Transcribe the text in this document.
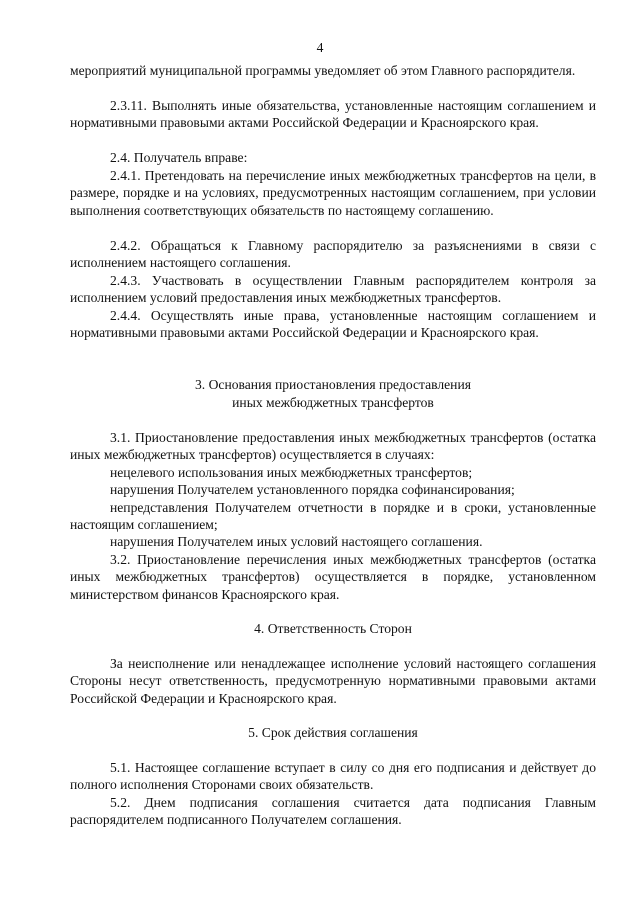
4

мероприятий муниципальной программы уведомляет об этом Главного распорядителя.

2.3.11. Выполнять иные обязательства, установленные настоящим соглашением и нормативными правовыми актами Российской Федерации и Красноярского края.

2.4. Получатель вправе:

2.4.1. Претендовать на перечисление иных межбюджетных трансфертов на цели, в размере, порядке и на условиях, предусмотренных настоящим соглашением, при условии выполнения соответствующих обязательств по настоящему соглашению.

2.4.2. Обращаться к Главному распорядителю за разъяснениями в связи с исполнением настоящего соглашения.

2.4.3. Участвовать в осуществлении Главным распорядителем контроля за исполнением условий предоставления иных межбюджетных трансфертов.

2.4.4. Осуществлять иные права, установленные настоящим соглашением и нормативными правовыми актами Российской Федерации и Красноярского края.

3. Основания приостановления предоставления

иных межбюджетных трансфертов

3.1. Приостановление предоставления иных межбюджетных трансфертов (остатка иных межбюджетных трансфертов) осуществляется в случаях:

нецелевого использования иных межбюджетных трансфертов;

нарушения Получателем установленного порядка софинансирования;

непредставления Получателем отчетности в порядке и в сроки, установленные настоящим соглашением;

нарушения Получателем иных условий настоящего соглашения.

3.2. Приостановление перечисления иных межбюджетных трансфертов (остатка иных межбюджетных трансфертов) осуществляется в порядке, установленном министерством финансов Красноярского края.

4. Ответственность Сторон

За неисполнение или ненадлежащее исполнение условий настоящего соглашения Стороны несут ответственность, предусмотренную нормативными правовыми актами Российской Федерации и Красноярского края.

5. Срок действия соглашения

5.1. Настоящее соглашение вступает в силу со дня его подписания и действует до полного исполнения Сторонами своих обязательств.

5.2. Днем подписания соглашения считается дата подписания Главным распорядителем подписанного Получателем соглашения.
